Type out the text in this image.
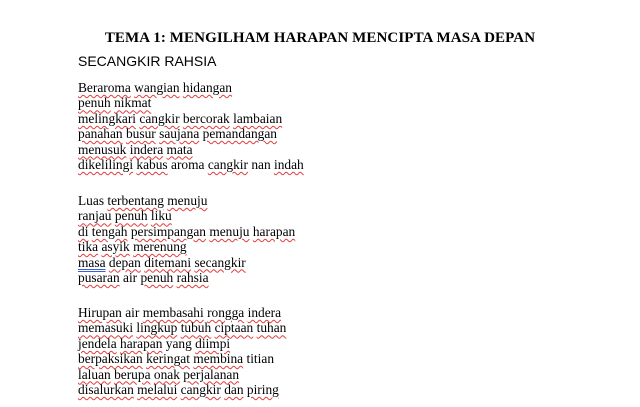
TEMA 1: MENGILHAM HARAPAN MENCIPTA MASA DEPAN
SECANGKIR RAHSIA
Beraroma wangian hidangan
penuh nikmat
melingkari cangkir bercorak lambaian
panahan busur saujana pemandangan
menusuk indera mata
dikelilingi kabus aroma cangkir nan indah
Luas terbentang menuju
ranjau penuh liku
di tengah persimpangan menuju harapan
tika asyik merenung
masa depan ditemani secangkir
pusaran air penuh rahsia
Hirupan air membasahi rongga indera
memasuki lingkup tubuh ciptaan tuhan
jendela harapan yang diimpi
berpaksikan keringat membina titian
laluan berupa onak perjalanan
disalurkan melalui cangkir dan piring
